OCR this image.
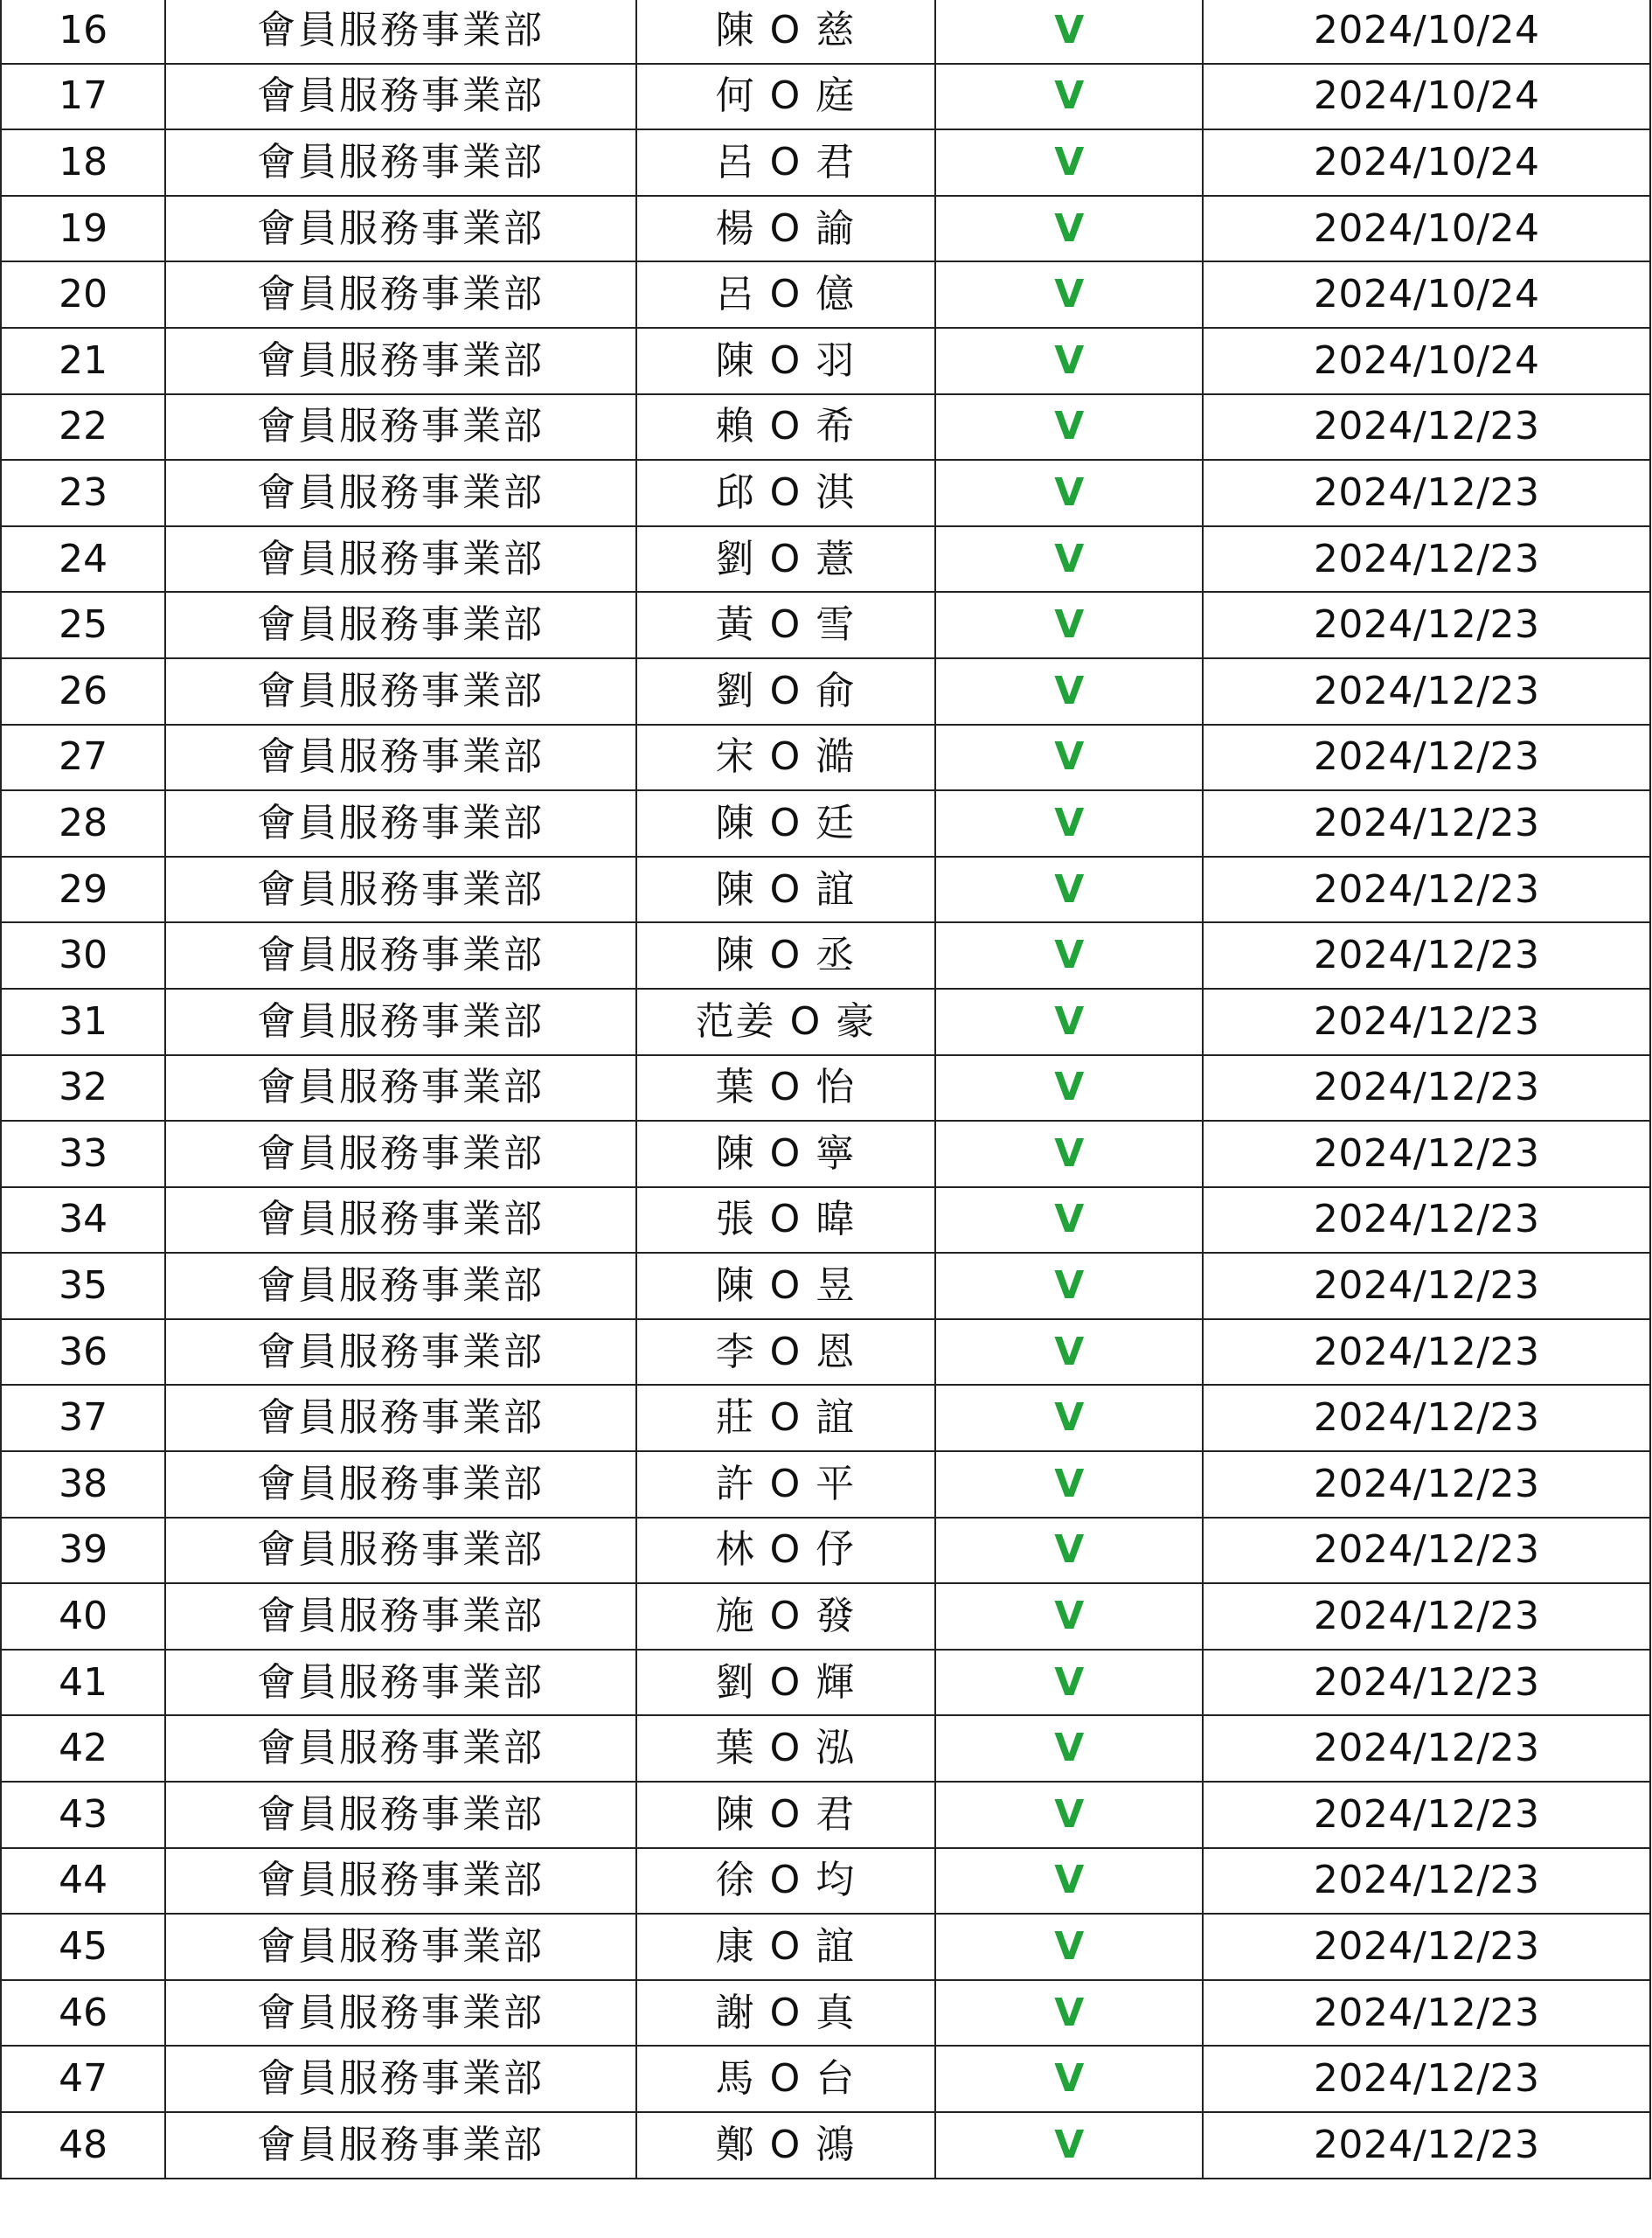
16	會員服務事業部	陳 O 慈	V	2024/10/24
17	會員服務事業部	何 O 庭	V	2024/10/24
18	會員服務事業部	呂 O 君	V	2024/10/24
19	會員服務事業部	楊 O 諭	V	2024/10/24
20	會員服務事業部	呂 O 億	V	2024/10/24
21	會員服務事業部	陳 O 羽	V	2024/10/24
22	會員服務事業部	賴 O 希	V	2024/12/23
23	會員服務事業部	邱 O 淇	V	2024/12/23
24	會員服務事業部	劉 O 薏	V	2024/12/23
25	會員服務事業部	黃 O 雪	V	2024/12/23
26	會員服務事業部	劉 O 俞	V	2024/12/23
27	會員服務事業部	宋 O 澔	V	2024/12/23
28	會員服務事業部	陳 O 廷	V	2024/12/23
29	會員服務事業部	陳 O 誼	V	2024/12/23
30	會員服務事業部	陳 O 丞	V	2024/12/23
31	會員服務事業部	范姜 O 豪	V	2024/12/23
32	會員服務事業部	葉 O 怡	V	2024/12/23
33	會員服務事業部	陳 O 寧	V	2024/12/23
34	會員服務事業部	張 O 暐	V	2024/12/23
35	會員服務事業部	陳 O 昱	V	2024/12/23
36	會員服務事業部	李 O 恩	V	2024/12/23
37	會員服務事業部	莊 O 誼	V	2024/12/23
38	會員服務事業部	許 O 平	V	2024/12/23
39	會員服務事業部	林 O 伃	V	2024/12/23
40	會員服務事業部	施 O 發	V	2024/12/23
41	會員服務事業部	劉 O 輝	V	2024/12/23
42	會員服務事業部	葉 O 泓	V	2024/12/23
43	會員服務事業部	陳 O 君	V	2024/12/23
44	會員服務事業部	徐 O 均	V	2024/12/23
45	會員服務事業部	康 O 誼	V	2024/12/23
46	會員服務事業部	謝 O 真	V	2024/12/23
47	會員服務事業部	馬 O 台	V	2024/12/23
48	會員服務事業部	鄭 O 鴻	V	2024/12/23
